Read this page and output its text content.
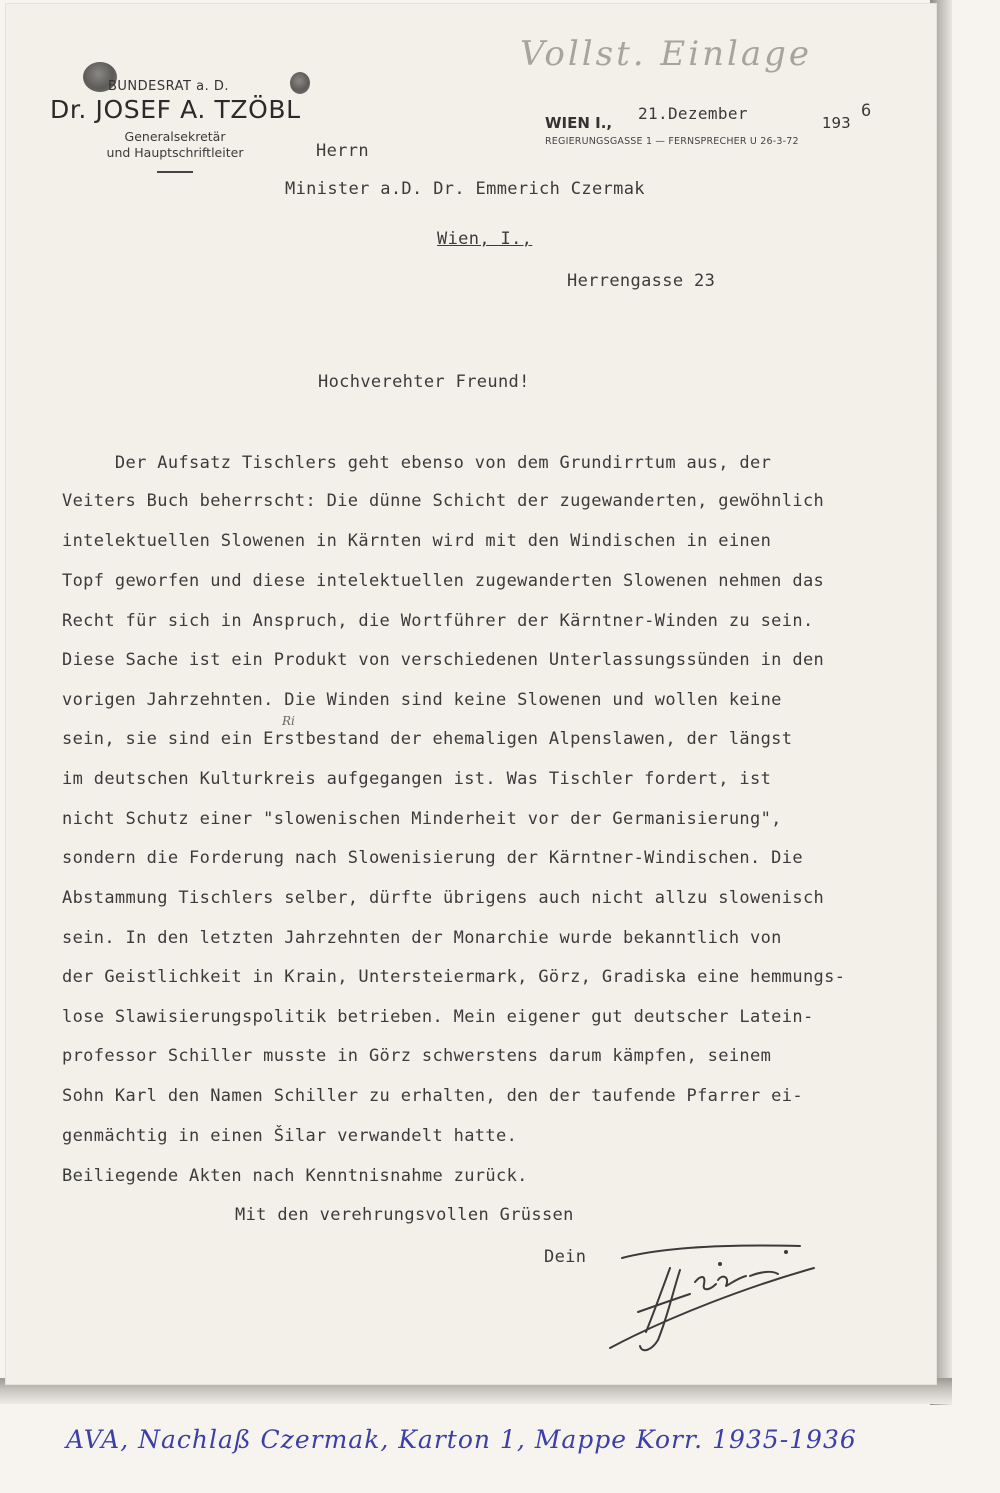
BUNDESRAT a. D.
Dr. JOSEF A. TZÖBL
Generalsekretär
und Hauptschriftleiter
Vollst. Einlage
WIEN I., 21.Dezember	193
6
REGIERUNGSGASSE 1 — FERNSPRECHER U 26-3-72
Herrn
Minister a.D. Dr. Emmerich Czermak
Wien, I.,
Herrengasse 23
Hochverehter Freund!
Der Aufsatz Tischlers geht ebenso von dem Grundirrtum aus, der
Veiters Buch beherrscht: Die dünne Schicht der zugewanderten, gewöhnlich
intelektuellen Slowenen in Kärnten wird mit den Windischen in einen
Topf geworfen und diese intelektuellen zugewanderten Slowenen nehmen das
Recht für sich in Anspruch, die Wortführer der Kärntner-Winden zu sein.
Diese Sache ist ein Produkt von verschiedenen Unterlassungssünden in den
vorigen Jahrzehnten. Die Winden sind keine Slowenen und wollen keine
sein, sie sind ein Erstbestand der ehemaligen Alpenslawen, der längst
im deutschen Kulturkreis aufgegangen ist. Was Tischler fordert, ist
nicht Schutz einer "slowenischen Minderheit vor der Germanisierung",
sondern die Forderung nach Slowenisierung der Kärntner-Windischen. Die
Abstammung Tischlers selber, dürfte übrigens auch nicht allzu slowenisch
sein. In den letzten Jahrzehnten der Monarchie wurde bekanntlich von
der Geistlichkeit in Krain, Untersteiermark, Görz, Gradiska eine hemmungs-
lose Slawisierungspolitik betrieben. Mein eigener gut deutscher Latein-
professor Schiller musste in Görz schwerstens darum kämpfen, seinem
Sohn Karl den Namen Schiller zu erhalten, den der taufende Pfarrer ei-
genmächtig in einen Šilar verwandelt hatte.
Beiliegende Akten nach Kenntnisnahme zurück.
Ri
Mit den verehrungsvollen Grüssen
Dein
AVA, Nachlaß Czermak, Karton 1, Mappe Korr. 1935-1936
